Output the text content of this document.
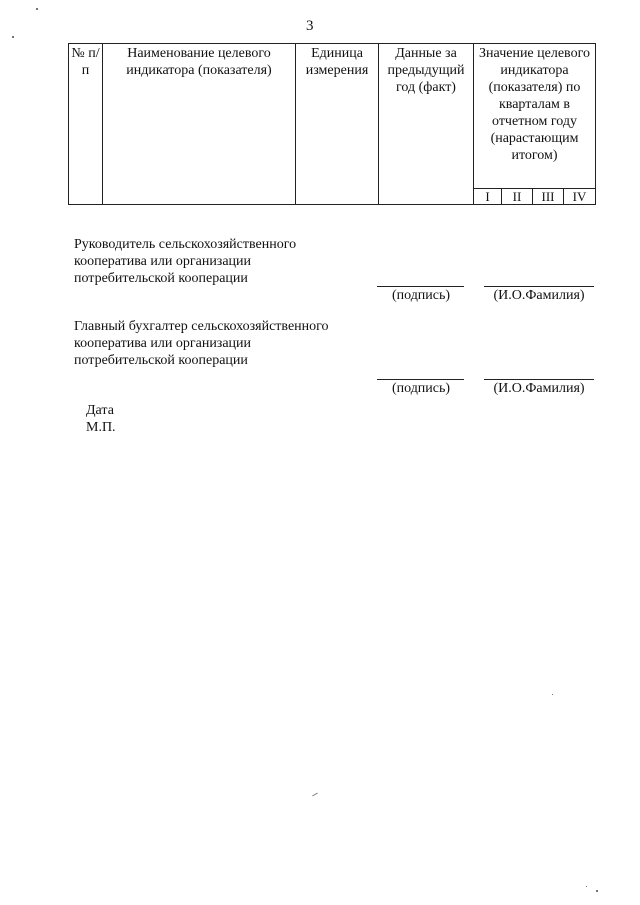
3
№ п/п	Наименование целевого индикатора (показателя)	Единица измерения	Данные за предыдущий год (факт)	Значение целевого индикатора (показателя) по кварталам в отчетном году (нарастающим итогом)			
				I	II	III	IV
Руководитель сельскохозяйственного
кооператива или организации
потребительской кооперации
(подпись)	(И.О.Фамилия)
Главный бухгалтер сельскохозяйственного
кооператива или организации
потребительской кооперации
(подпись)	(И.О.Фамилия)
Дата
М.П.
